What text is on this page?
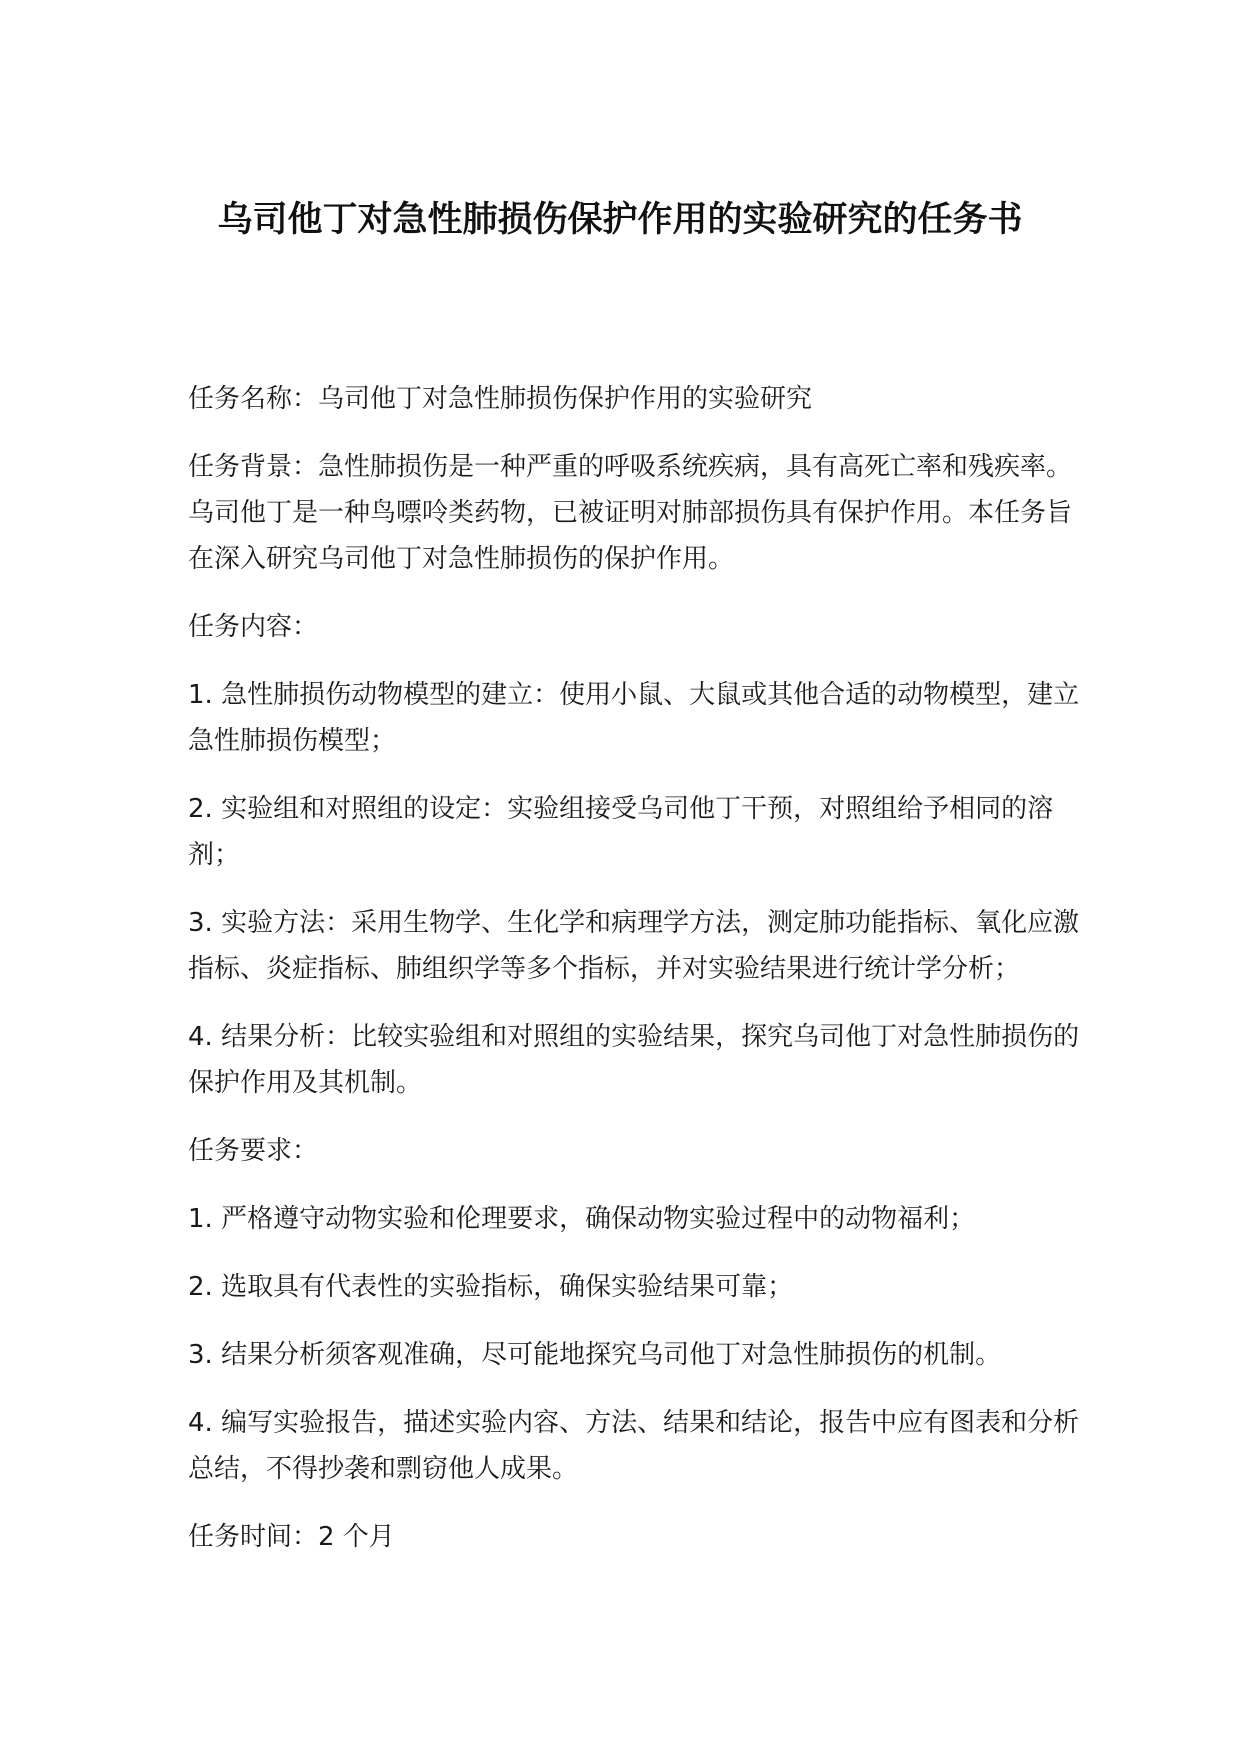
乌司他丁对急性肺损伤保护作用的实验研究的任务书

任务名称：乌司他丁对急性肺损伤保护作用的实验研究

任务背景：急性肺损伤是一种严重的呼吸系统疾病，具有高死亡率和残疾率。乌司他丁是一种鸟嘌呤类药物，已被证明对肺部损伤具有保护作用。本任务旨在深入研究乌司他丁对急性肺损伤的保护作用。

任务内容：

1. 急性肺损伤动物模型的建立：使用小鼠、大鼠或其他合适的动物模型，建立急性肺损伤模型；

2. 实验组和对照组的设定：实验组接受乌司他丁干预，对照组给予相同的溶剂；

3. 实验方法：采用生物学、生化学和病理学方法，测定肺功能指标、氧化应激指标、炎症指标、肺组织学等多个指标，并对实验结果进行统计学分析；

4. 结果分析：比较实验组和对照组的实验结果，探究乌司他丁对急性肺损伤的保护作用及其机制。

任务要求：

1. 严格遵守动物实验和伦理要求，确保动物实验过程中的动物福利；

2. 选取具有代表性的实验指标，确保实验结果可靠；

3. 结果分析须客观准确，尽可能地探究乌司他丁对急性肺损伤的机制。

4. 编写实验报告，描述实验内容、方法、结果和结论，报告中应有图表和分析总结，不得抄袭和剽窃他人成果。

任务时间：2 个月
